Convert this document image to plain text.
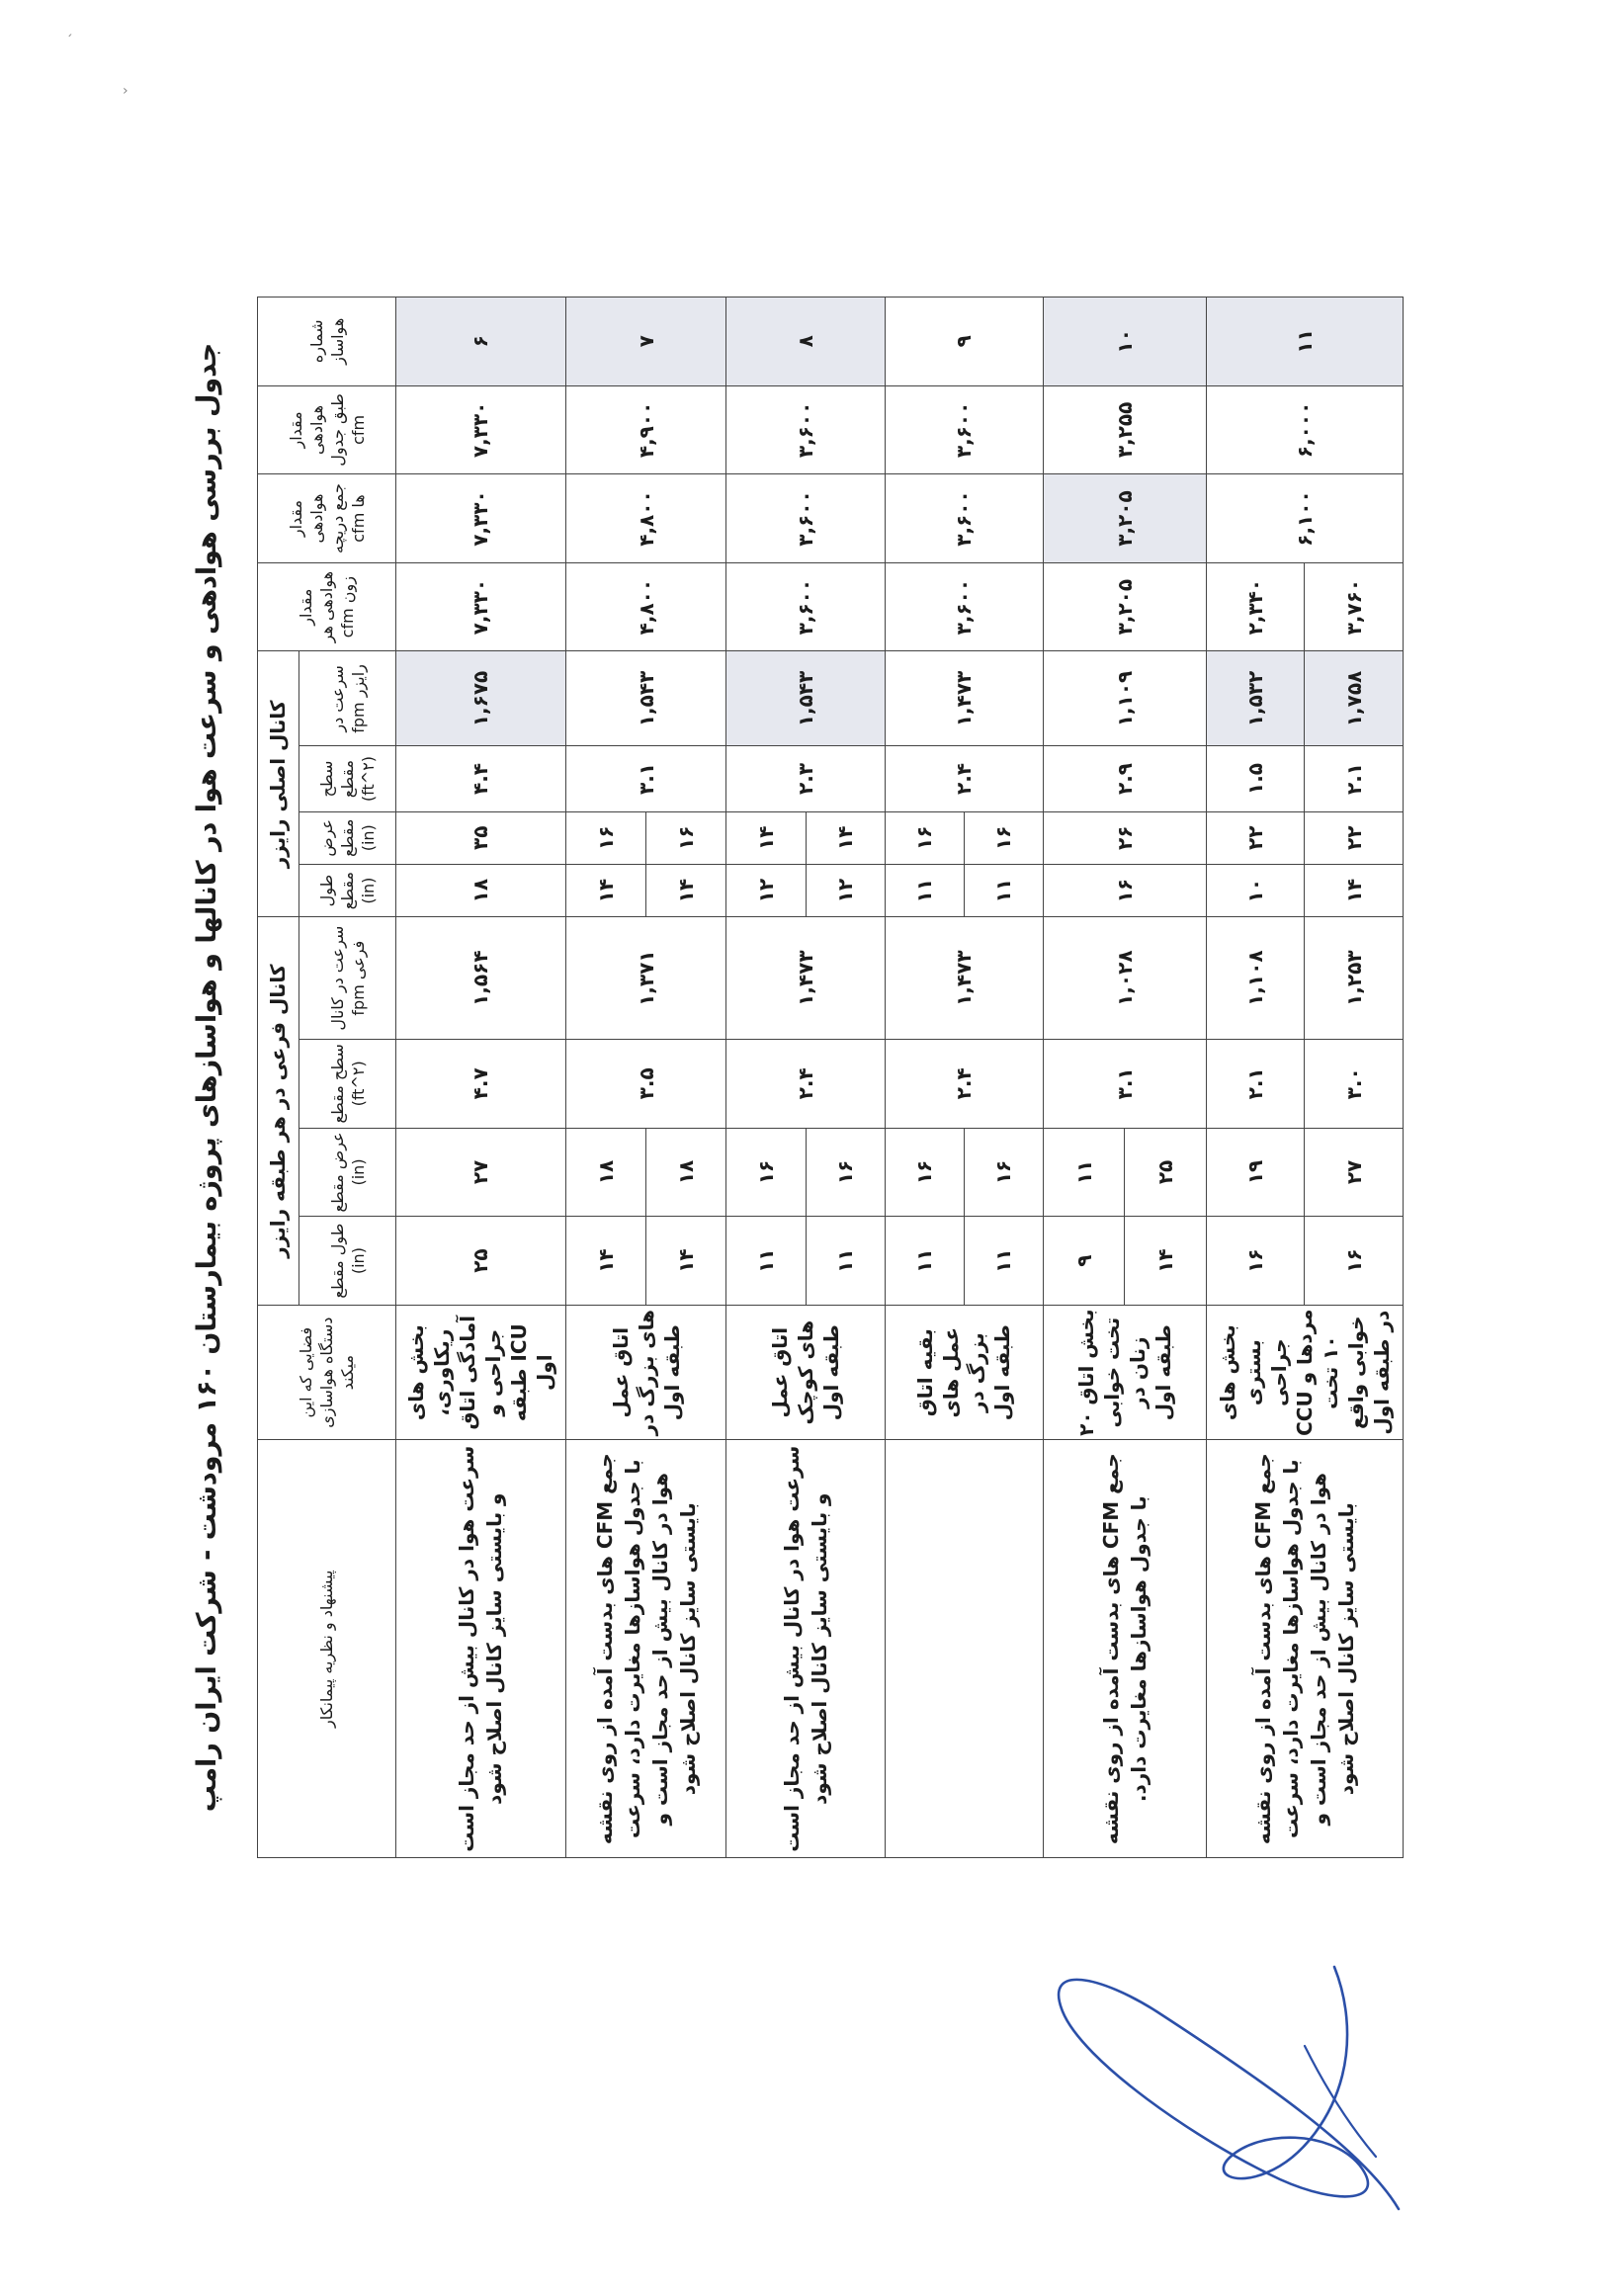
׳
›
جدول بررسی هوادهی و سرعت هوا در کانالها و هواسازهای پروژه بیمارستان ۱۶۰ مرودشت - شرکت ایران رامپ
شماره هواساز	مقدار هوادهی طبق جدول cfm	مقدار هوادهی جمع دریچه ها cfm	مقدار هوادهی هر زون cfm	کانال اصلی رایزر				کانال فرعی در هر طبقه رایزر				فضایی که این دستگاه هواسازی میکند	پیشنهاد و نظریه پیمانکار
				سرعت در رایزر fpm	سطح مقطع (ft^۲)	عرض مقطع (in)	طول مقطع (in)	سرعت در کانال فرعی fpm	سطح مقطع (ft^۲)	عرض مقطع (in)	طول مقطع (in)		
۶	۷,۳۳۰	۷,۳۳۰	۷,۳۳۰	۱,۶۷۵	۴.۴	۳۵	۱۸	۱,۵۶۴	۴.۷	۲۷	۲۵	بخش های ریکاوری، آمادگی اتاق جراحی و ICU طبقه اول	سرعت هوا در کانال بیش از حد مجاز است و بایستی سایز کانال اصلاح شود

۷	۴,۹۰۰	۴,۸۰۰	۴,۸۰۰	۱,۵۴۳	۳.۱	۱۶	۱۴	۱,۳۷۱	۳.۵	۱۸	۱۴	اتاق عمل های بزرگ در طبقه اول	جمع CFM های بدست آمده از روی نقشه با جدول هواسازها مغایرت دارد، سرعت هوا در کانال بیش از حد مجاز است و بایستی سایز کانال اصلاح شود
						۱۶	۱۴			۱۸	۱۴		
۸	۳,۶۰۰	۳,۶۰۰	۳,۶۰۰	۱,۵۴۳	۲.۳	۱۴	۱۲	۱,۴۷۳	۲.۴	۱۶	۱۱	اتاق عمل های کوچک طبقه اول	سرعت هوا در کانال بیش از حد مجاز است و بایستی سایز کانال اصلاح شود
						۱۴	۱۲			۱۶	۱۱		
۹	۳,۶۰۰	۳,۶۰۰	۳,۶۰۰	۱,۴۷۳	۲.۴	۱۶	۱۱	۱,۴۷۳	۲.۴	۱۶	۱۱	بقیه اتاق عمل های بزرگ در طبقه اول	
						۱۶	۱۱			۱۶	۱۱		
۱۰	۳,۲۵۵	۳,۲۰۵	۳,۲۰۵	۱,۱۰۹	۲.۹	۲۶	۱۶	۱,۰۲۸	۳.۱	۱۱	۹	بخش اتاق ۲۰ تخت خوابی زنان در طبقه اول	جمع CFM های بدست آمده از روی نقشه با جدول هواسازها مغایرت دارد.
										۲۵	۱۴		
۱۱	۶,۰۰۰	۶,۱۰۰	۲,۳۴۰	۱,۵۳۲	۱.۵	۲۲	۱۰	۱,۱۰۸	۲.۱	۱۹	۱۶	بخش های بستری جراحی مردها و CCU ۱۰ تخت خوابی واقع در طبقه اول	جمع CFM های بدست آمده از روی نقشه با جدول هواسازها مغایرت دارد، سرعت هوا در کانال بیش از حد مجاز است و بایستی سایز کانال اصلاح شود
			۳,۷۶۰	۱,۷۵۸	۲.۱	۲۲	۱۴	۱,۲۵۳	۳.۰	۲۷	۱۶		
